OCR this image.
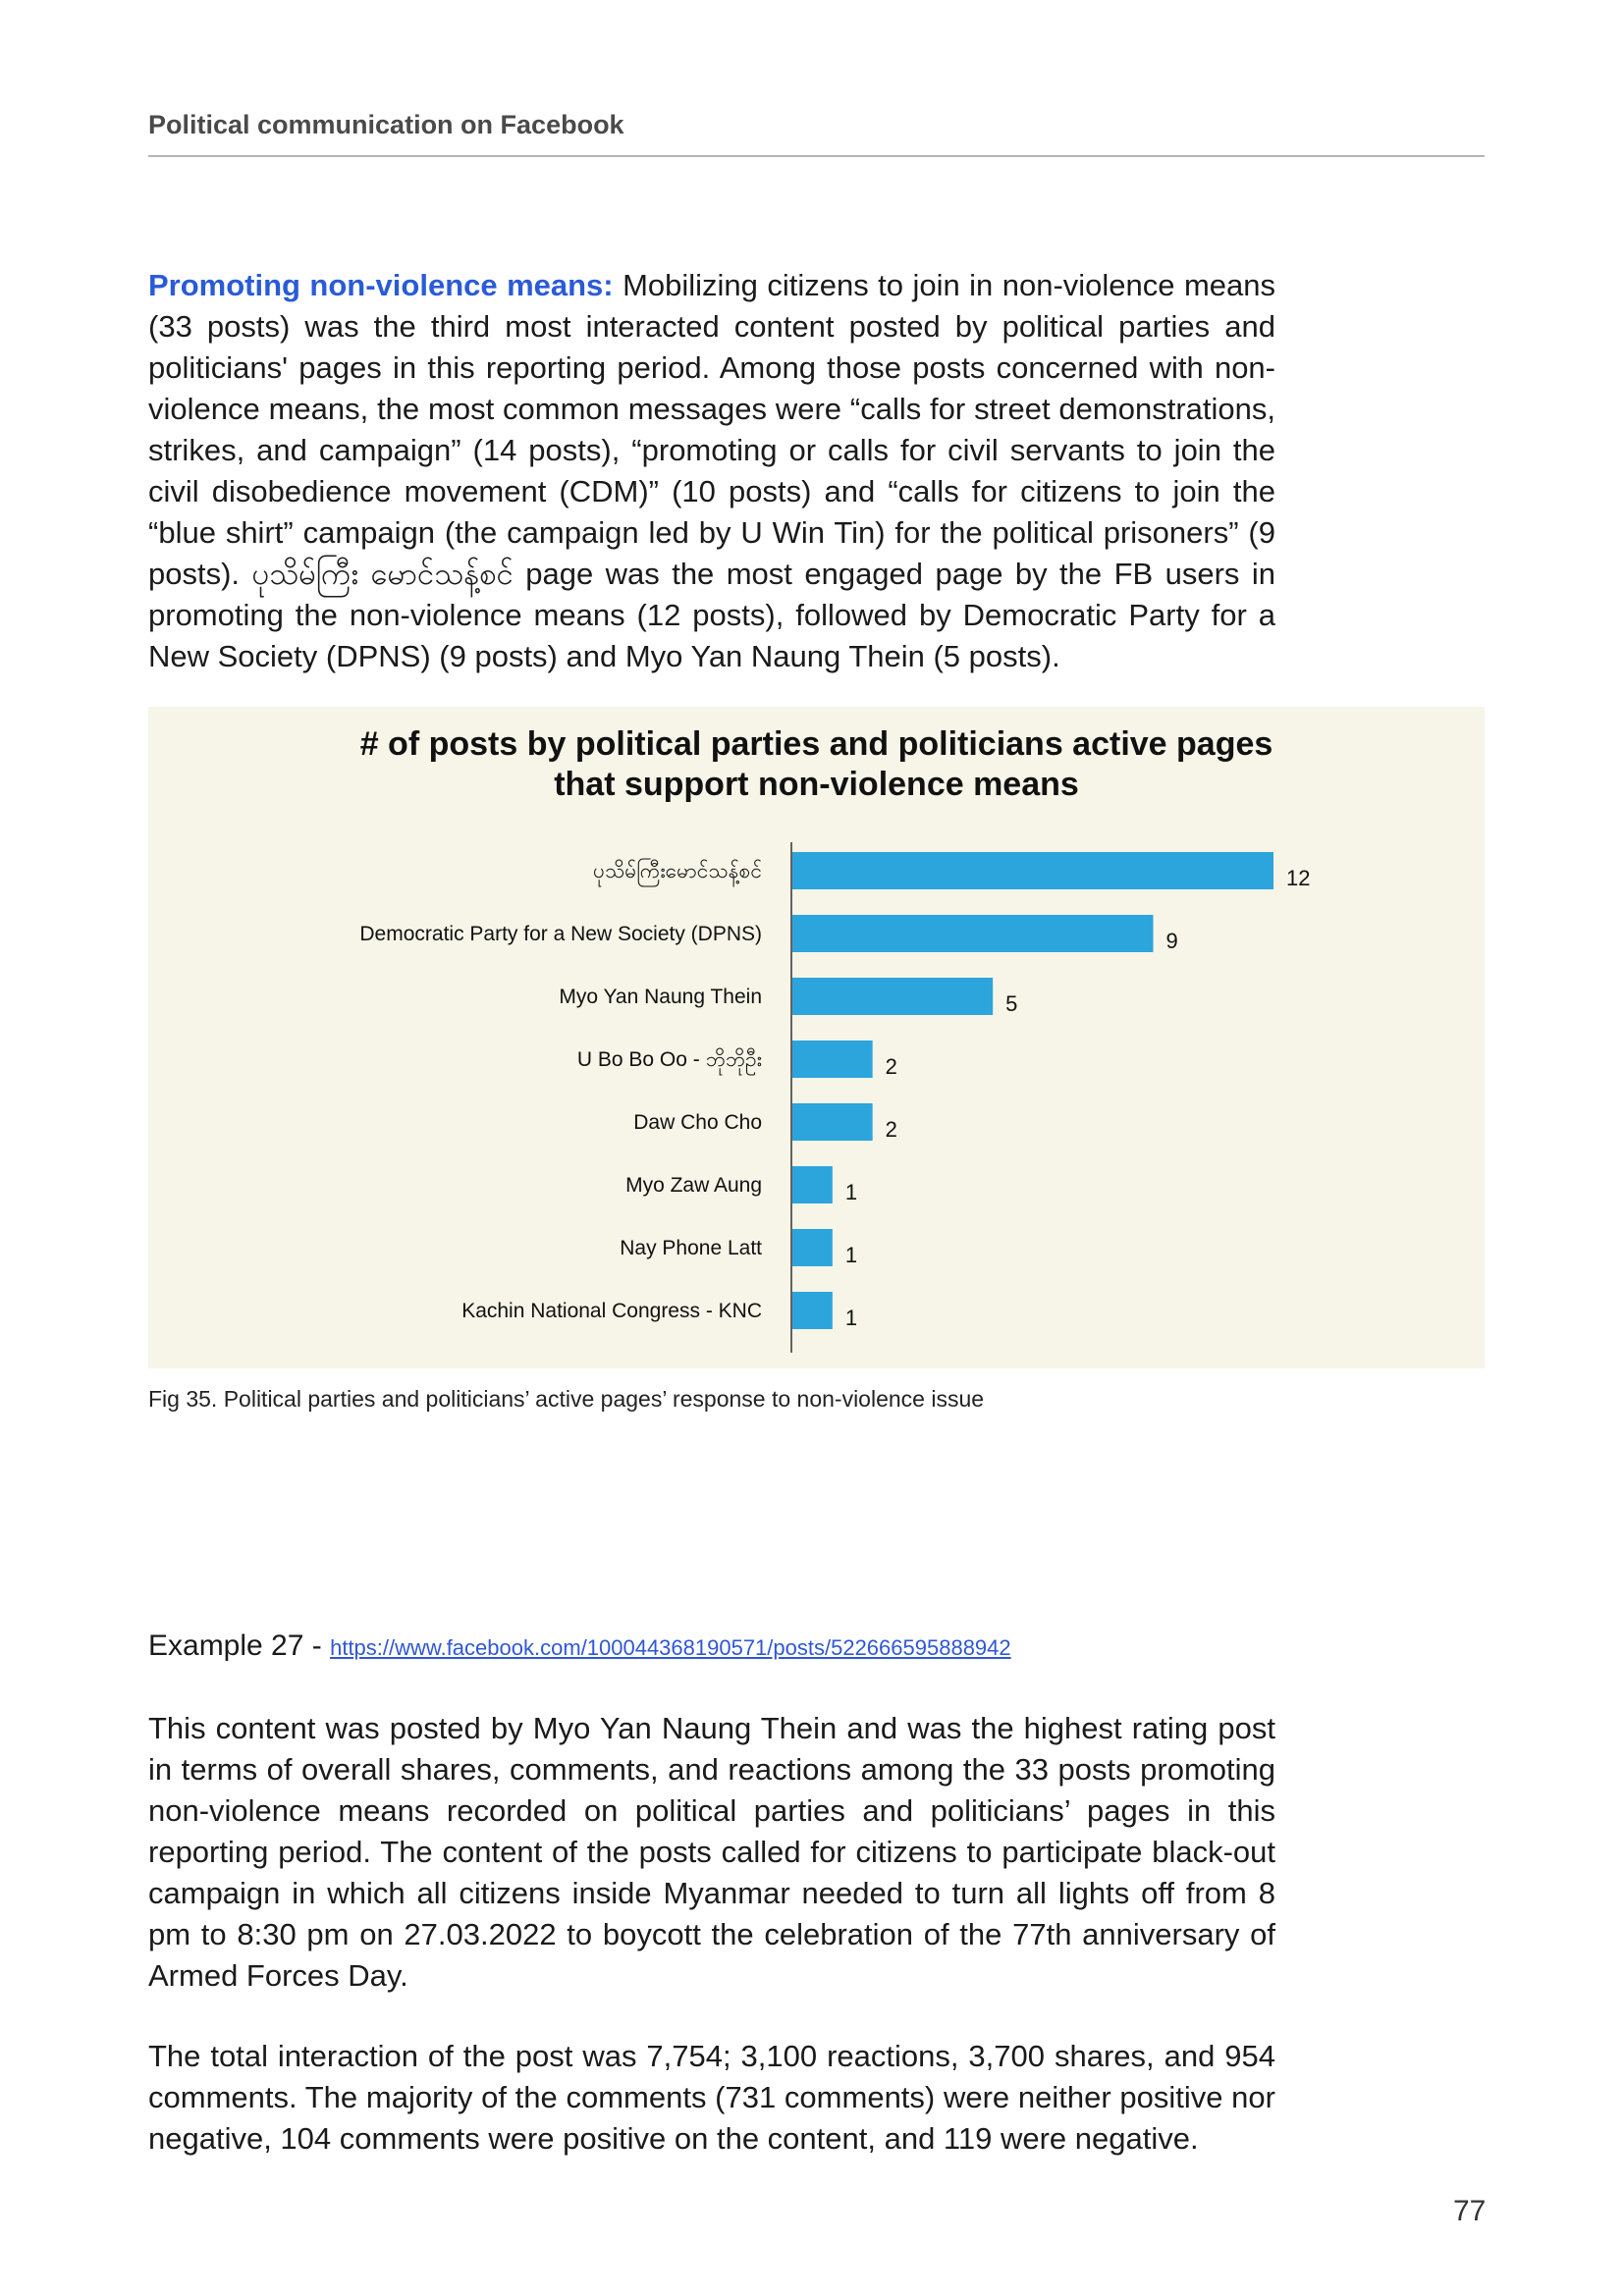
Political communication on Facebook

Promoting non-violence means: Mobilizing citizens to join in non-violence means (33 posts) was the third most interacted content posted by political parties and politicians' pages in this reporting period. Among those posts concerned with non-violence means, the most common messages were “calls for street demonstrations, strikes, and campaign” (14 posts), “promoting or calls for civil servants to join the civil disobedience movement (CDM)” (10 posts) and “calls for citizens to join the “blue shirt” campaign (the campaign led by U Win Tin) for the political prisoners” (9 posts). ပုသိမ်ကြီး မောင်သန့်စင် page was the most engaged page by the FB users in promoting the non-violence means (12 posts), followed by Democratic Party for a New Society (DPNS) (9 posts) and Myo Yan Naung Thein (5 posts).

# of posts by political parties and politicians active pages
that support non-violence means
ပုသိမ်ကြီးမောင်သန့်စင်	12
Democratic Party for a New Society (DPNS)	9
Myo Yan Naung Thein	5
U Bo Bo Oo - ဘိုဘိုဦး	2
Daw Cho Cho	2
Myo Zaw Aung	1
Nay Phone Latt	1
Kachin National Congress - KNC	1
Fig 35. Political parties and politicians’ active pages’ response to non-violence issue
Example 27 - https://www.facebook.com/100044368190571/posts/522666595888942

This content was posted by Myo Yan Naung Thein and was the highest rating post in terms of overall shares, comments, and reactions among the 33 posts promoting non-violence means recorded on political parties and politicians’ pages in this reporting period. The content of the posts called for citizens to participate black-out campaign in which all citizens inside Myanmar needed to turn all lights off from 8 pm to 8:30 pm on 27.03.2022 to boycott the celebration of the 77th anniversary of Armed Forces Day.

The total interaction of the post was 7,754; 3,100 reactions, 3,700 shares, and 954 comments. The majority of the comments (731 comments) were neither positive nor negative, 104 comments were positive on the content, and 119 were negative.

77
